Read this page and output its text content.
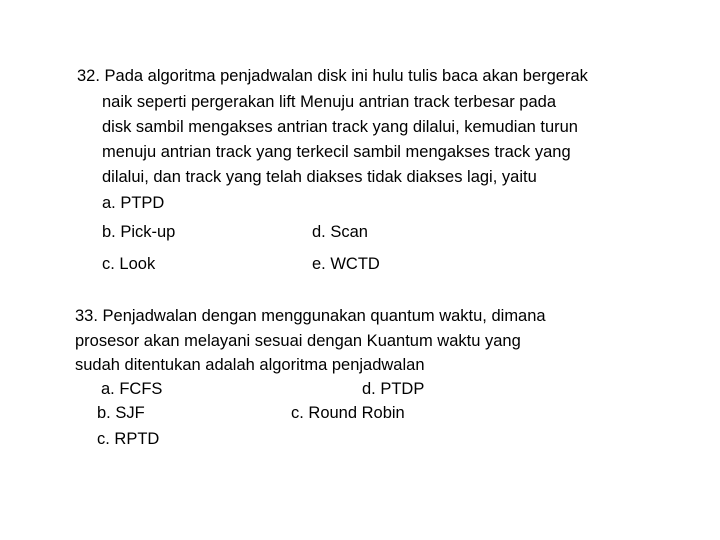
32. Pada algoritma penjadwalan disk ini hulu tulis baca akan bergerak
naik seperti pergerakan lift Menuju antrian track terbesar pada
disk sambil mengakses antrian track yang dilalui, kemudian turun
menuju antrian track yang terkecil sambil mengakses track yang
dilalui, dan track yang telah diakses tidak diakses lagi, yaitu
a. PTPD
b. Pick-up	d. Scan
c. Look	e. WCTD
33. Penjadwalan dengan menggunakan quantum waktu, dimana
prosesor akan melayani sesuai dengan Kuantum waktu yang
sudah ditentukan adalah algoritma penjadwalan
a. FCFS	d. PTDP
b. SJF	c. Round Robin
c. RPTD
